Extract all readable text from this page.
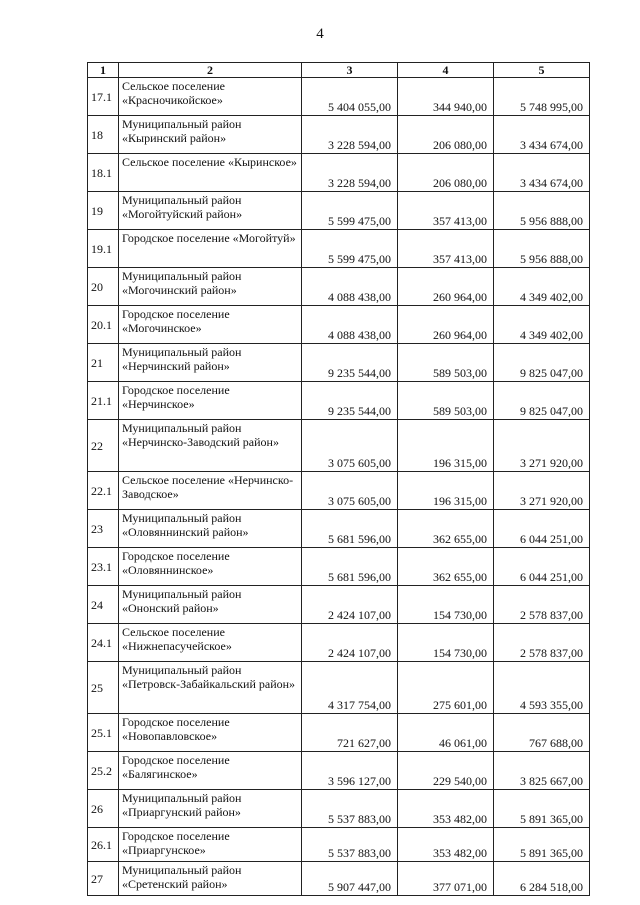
4
1	2	3	4	5
17.1	Сельское поселение «Красночикойское»	5 404 055,00	344 940,00	5 748 995,00
18	Муниципальный район «Кыринский район»	3 228 594,00	206 080,00	3 434 674,00
18.1	Сельское поселение «Кыринское»	3 228 594,00	206 080,00	3 434 674,00
19	Муниципальный район «Могойтуйский район»	5 599 475,00	357 413,00	5 956 888,00
19.1	Городское поселение «Могойтуй»	5 599 475,00	357 413,00	5 956 888,00
20	Муниципальный район «Могочинский район»	4 088 438,00	260 964,00	4 349 402,00
20.1	Городское поселение «Могочинское»	4 088 438,00	260 964,00	4 349 402,00
21	Муниципальный район «Нерчинский район»	9 235 544,00	589 503,00	9 825 047,00
21.1	Городское поселение «Нерчинское»	9 235 544,00	589 503,00	9 825 047,00
22	Муниципальный район «Нерчинско-Заводский район»	3 075 605,00	196 315,00	3 271 920,00
22.1	Сельское поселение «Нерчинско-Заводское»	3 075 605,00	196 315,00	3 271 920,00
23	Муниципальный район «Оловяннинский район»	5 681 596,00	362 655,00	6 044 251,00
23.1	Городское поселение «Оловяннинское»	5 681 596,00	362 655,00	6 044 251,00
24	Муниципальный район «Ононский район»	2 424 107,00	154 730,00	2 578 837,00
24.1	Сельское поселение «Нижнепасучейское»	2 424 107,00	154 730,00	2 578 837,00
25	Муниципальный район «Петровск-Забайкальский район»	4 317 754,00	275 601,00	4 593 355,00
25.1	Городское поселение «Новопавловское»	721 627,00	46 061,00	767 688,00
25.2	Городское поселение «Балягинское»	3 596 127,00	229 540,00	3 825 667,00
26	Муниципальный район «Приаргунский район»	5 537 883,00	353 482,00	5 891 365,00
26.1	Городское поселение «Приаргунское»	5 537 883,00	353 482,00	5 891 365,00
27	Муниципальный район «Сретенский район»	5 907 447,00	377 071,00	6 284 518,00
